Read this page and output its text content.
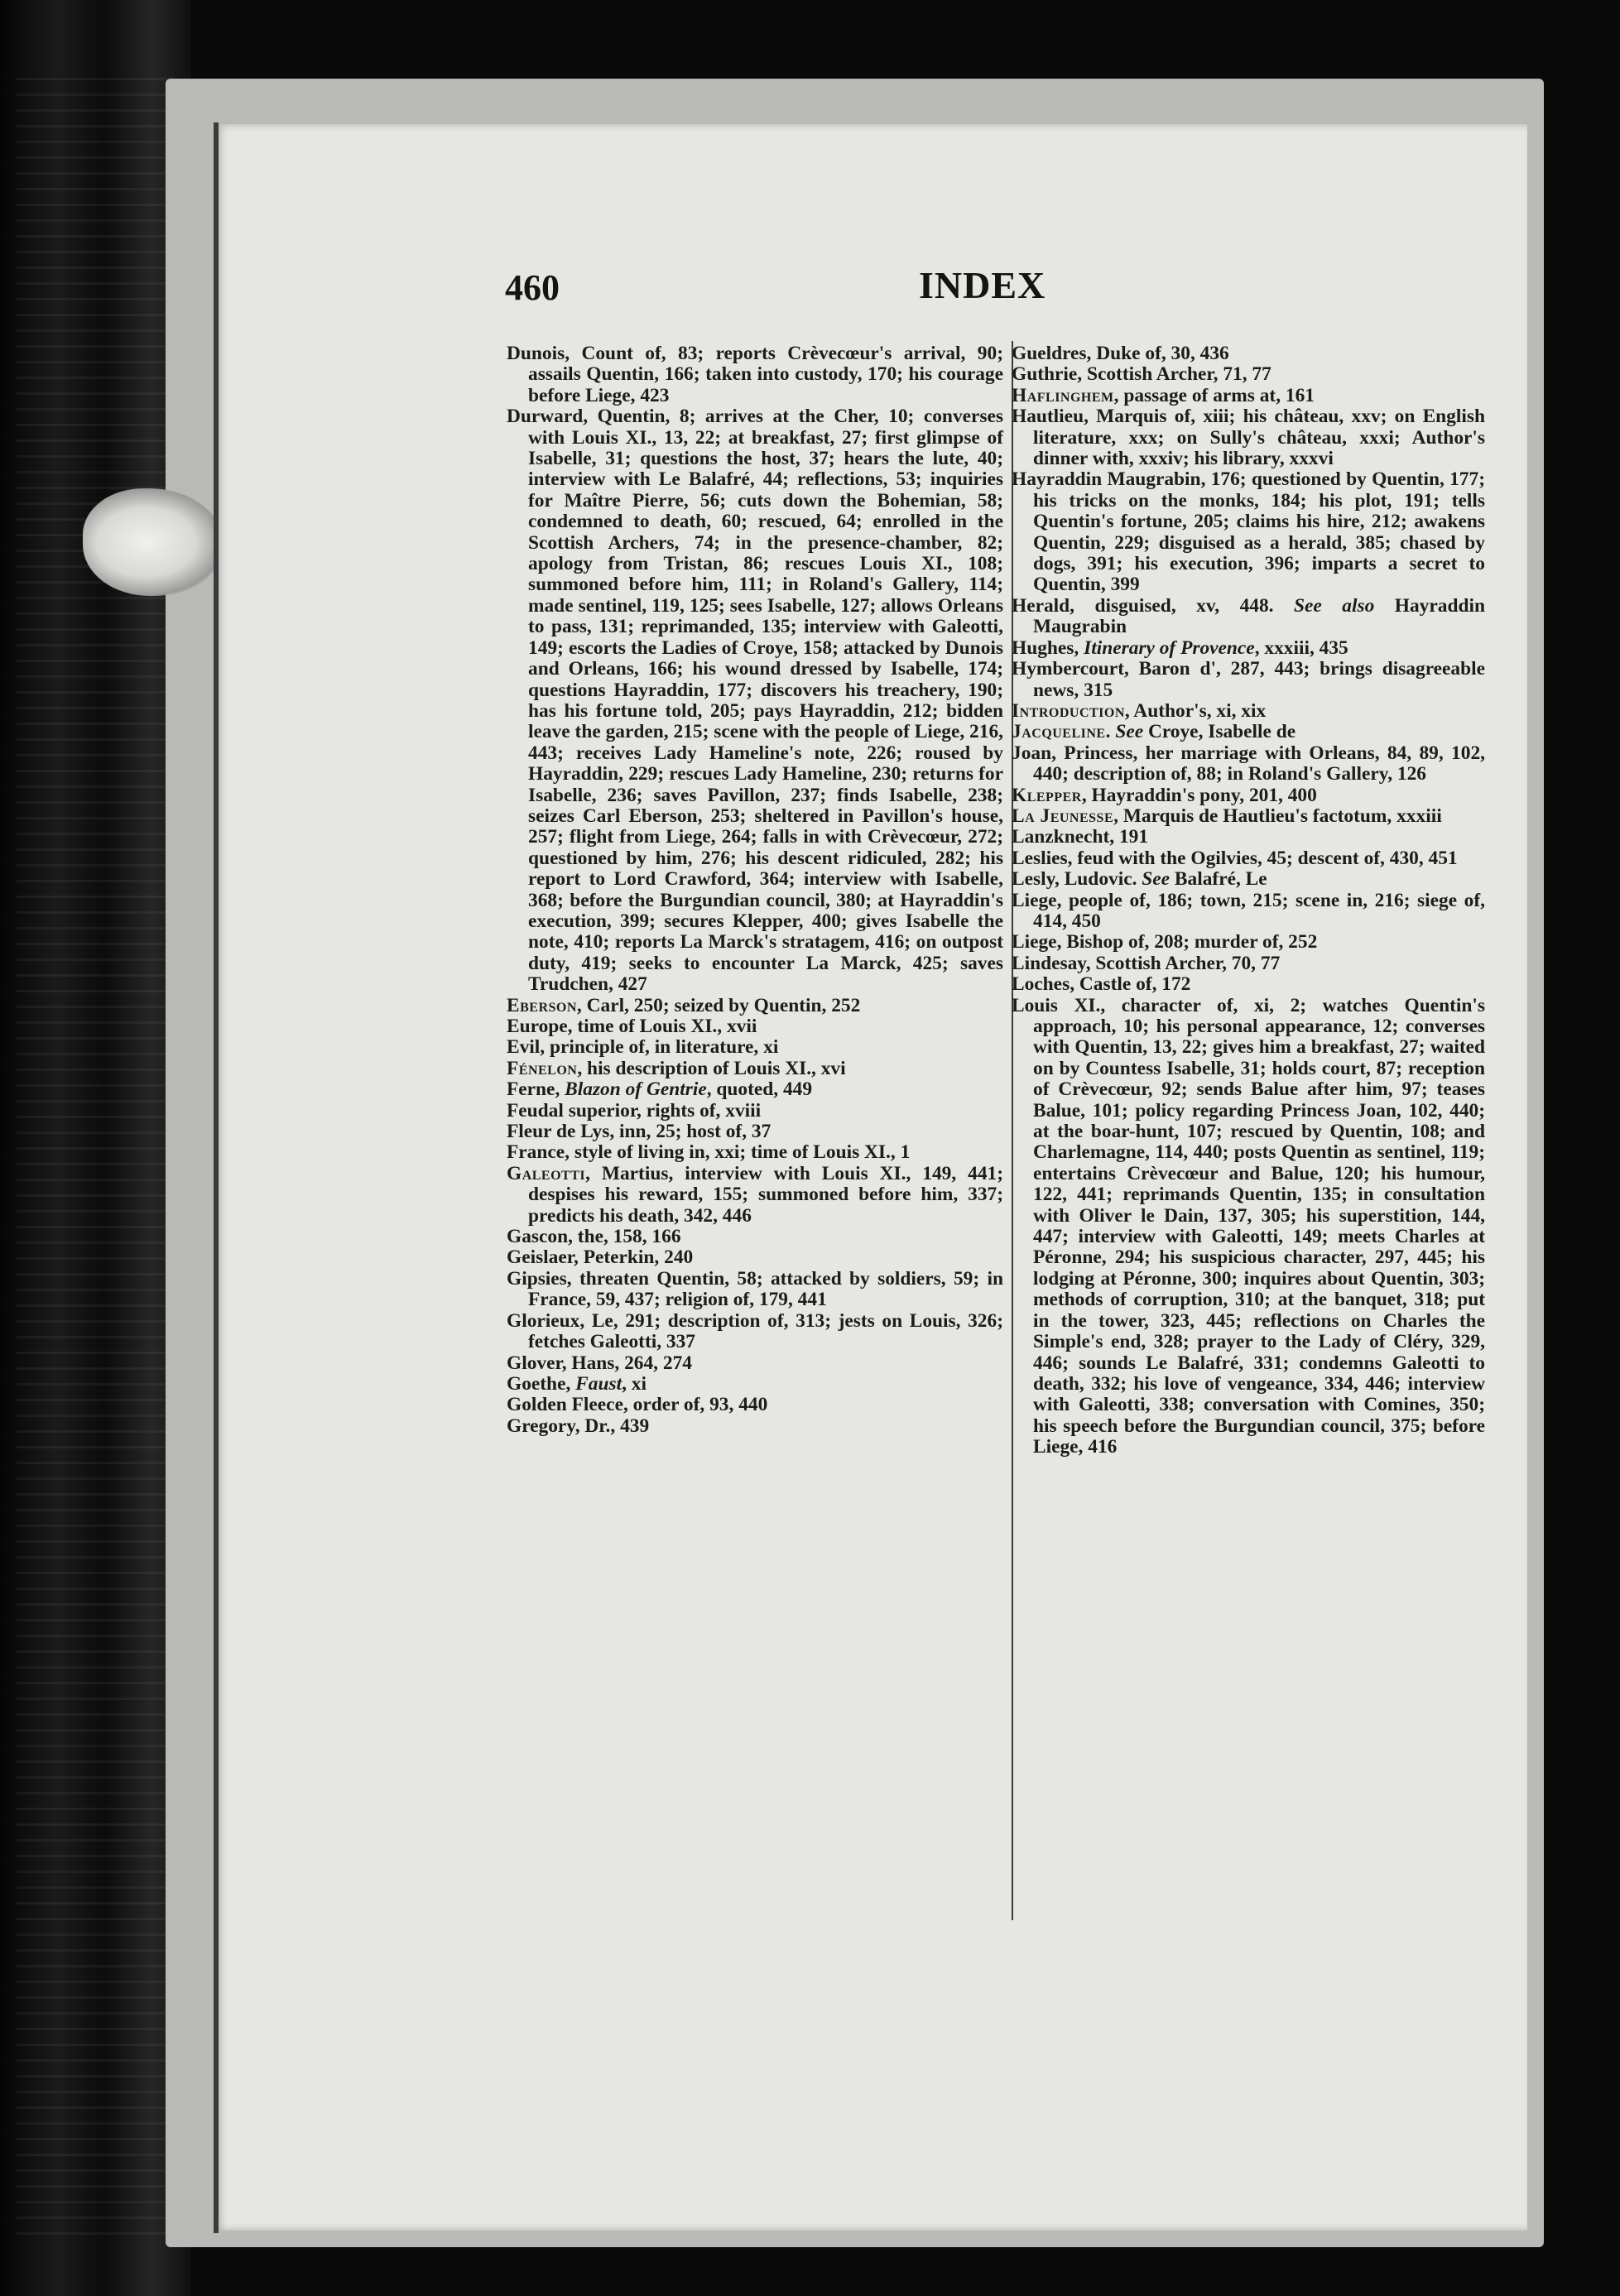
460	INDEX

Dunois, Count of, 83; reports Crèvecœur's arrival, 90; assails Quentin, 166; taken into custody, 170; his courage before Liege, 423

Durward, Quentin, 8; arrives at the Cher, 10; converses with Louis XI., 13, 22; at breakfast, 27; first glimpse of Isabelle, 31; questions the host, 37; hears the lute, 40; interview with Le Balafré, 44; reflections, 53; inquiries for Maître Pierre, 56; cuts down the Bohemian, 58; condemned to death, 60; rescued, 64; enrolled in the Scottish Archers, 74; in the presence-chamber, 82; apology from Tristan, 86; rescues Louis XI., 108; summoned before him, 111; in Roland's Gallery, 114; made sentinel, 119, 125; sees Isabelle, 127; allows Orleans to pass, 131; reprimanded, 135; interview with Galeotti, 149; escorts the Ladies of Croye, 158; attacked by Dunois and Orleans, 166; his wound dressed by Isabelle, 174; questions Hayraddin, 177; discovers his treachery, 190; has his fortune told, 205; pays Hayraddin, 212; bidden leave the garden, 215; scene with the people of Liege, 216, 443; receives Lady Hameline's note, 226; roused by Hayraddin, 229; rescues Lady Hameline, 230; returns for Isabelle, 236; saves Pavillon, 237; finds Isabelle, 238; seizes Carl Eberson, 253; sheltered in Pavillon's house, 257; flight from Liege, 264; falls in with Crèvecœur, 272; questioned by him, 276; his descent ridiculed, 282; his report to Lord Crawford, 364; interview with Isabelle, 368; before the Burgundian council, 380; at Hayraddin's execution, 399; secures Klepper, 400; gives Isabelle the note, 410; reports La Marck's stratagem, 416; on outpost duty, 419; seeks to encounter La Marck, 425; saves Trudchen, 427

Eberson, Carl, 250; seized by Quentin, 252

Europe, time of Louis XI., xvii

Evil, principle of, in literature, xi

Fénelon, his description of Louis XI., xvi

Ferne, Blazon of Gentrie, quoted, 449

Feudal superior, rights of, xviii

Fleur de Lys, inn, 25; host of, 37

France, style of living in, xxi; time of Louis XI., 1

Galeotti, Martius, interview with Louis XI., 149, 441; despises his reward, 155; summoned before him, 337; predicts his death, 342, 446

Gascon, the, 158, 166

Geislaer, Peterkin, 240

Gipsies, threaten Quentin, 58; attacked by soldiers, 59; in France, 59, 437; religion of, 179, 441

Glorieux, Le, 291; description of, 313; jests on Louis, 326; fetches Galeotti, 337

Glover, Hans, 264, 274

Goethe, Faust, xi

Golden Fleece, order of, 93, 440

Gregory, Dr., 439

Gueldres, Duke of, 30, 436

Guthrie, Scottish Archer, 71, 77

Haflinghem, passage of arms at, 161

Hautlieu, Marquis of, xiii; his château, xxv; on English literature, xxx; on Sully's château, xxxi; Author's dinner with, xxxiv; his library, xxxvi

Hayraddin Maugrabin, 176; questioned by Quentin, 177; his tricks on the monks, 184; his plot, 191; tells Quentin's fortune, 205; claims his hire, 212; awakens Quentin, 229; disguised as a herald, 385; chased by dogs, 391; his execution, 396; imparts a secret to Quentin, 399

Herald, disguised, xv, 448. See also Hayraddin Maugrabin

Hughes, Itinerary of Provence, xxxiii, 435

Hymbercourt, Baron d', 287, 443; brings disagreeable news, 315

Introduction, Author's, xi, xix

Jacqueline. See Croye, Isabelle de

Joan, Princess, her marriage with Orleans, 84, 89, 102, 440; description of, 88; in Roland's Gallery, 126

Klepper, Hayraddin's pony, 201, 400

La Jeunesse, Marquis de Hautlieu's factotum, xxxiii

Lanzknecht, 191

Leslies, feud with the Ogilvies, 45; descent of, 430, 451

Lesly, Ludovic. See Balafré, Le

Liege, people of, 186; town, 215; scene in, 216; siege of, 414, 450

Liege, Bishop of, 208; murder of, 252

Lindesay, Scottish Archer, 70, 77

Loches, Castle of, 172

Louis XI., character of, xi, 2; watches Quentin's approach, 10; his personal appearance, 12; converses with Quentin, 13, 22; gives him a breakfast, 27; waited on by Countess Isabelle, 31; holds court, 87; reception of Crèvecœur, 92; sends Balue after him, 97; teases Balue, 101; policy regarding Princess Joan, 102, 440; at the boar-hunt, 107; rescued by Quentin, 108; and Charlemagne, 114, 440; posts Quentin as sentinel, 119; entertains Crèvecœur and Balue, 120; his humour, 122, 441; reprimands Quentin, 135; in consultation with Oliver le Dain, 137, 305; his superstition, 144, 447; interview with Galeotti, 149; meets Charles at Péronne, 294; his suspicious character, 297, 445; his lodging at Péronne, 300; inquires about Quentin, 303; methods of corruption, 310; at the banquet, 318; put in the tower, 323, 445; reflections on Charles the Simple's end, 328; prayer to the Lady of Cléry, 329, 446; sounds Le Balafré, 331; condemns Galeotti to death, 332; his love of vengeance, 334, 446; interview with Galeotti, 338; conversation with Comines, 350; his speech before the Burgundian council, 375; before Liege, 416
